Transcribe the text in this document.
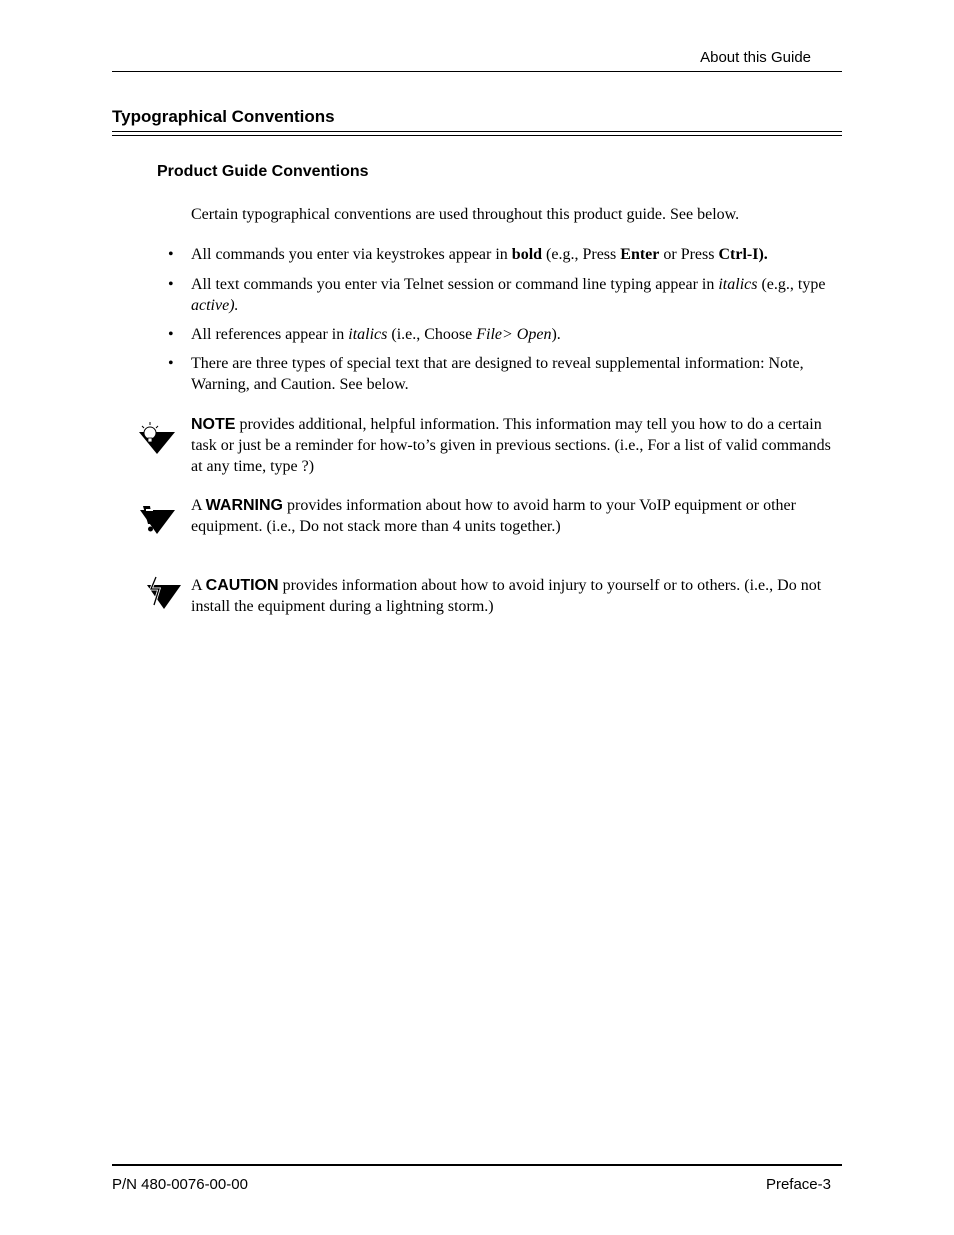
About this Guide
Typographical Conventions
Product Guide Conventions
Certain typographical conventions are used throughout this product guide. See below.
• All commands you enter via keystrokes appear in bold (e.g., Press Enter or Press Ctrl-I).
• All text commands you enter via Telnet session or command line typing appear in italics (e.g., type active).
• All references appear in italics (i.e., Choose File> Open).
• There are three types of special text that are designed to reveal supplemental information: Note, Warning, and Caution. See below.
NOTE provides additional, helpful information. This information may tell you how to do a certain task or just be a reminder for how-to’s given in previous sections. (i.e., For a list of valid commands at any time, type ?)
A WARNING provides information about how to avoid harm to your VoIP equipment or other equipment. (i.e., Do not stack more than 4 units together.)
A CAUTION provides information about how to avoid injury to yourself or to others. (i.e., Do not install the equipment during a lightning storm.)
P/N 480-0076-00-00	Preface-3
